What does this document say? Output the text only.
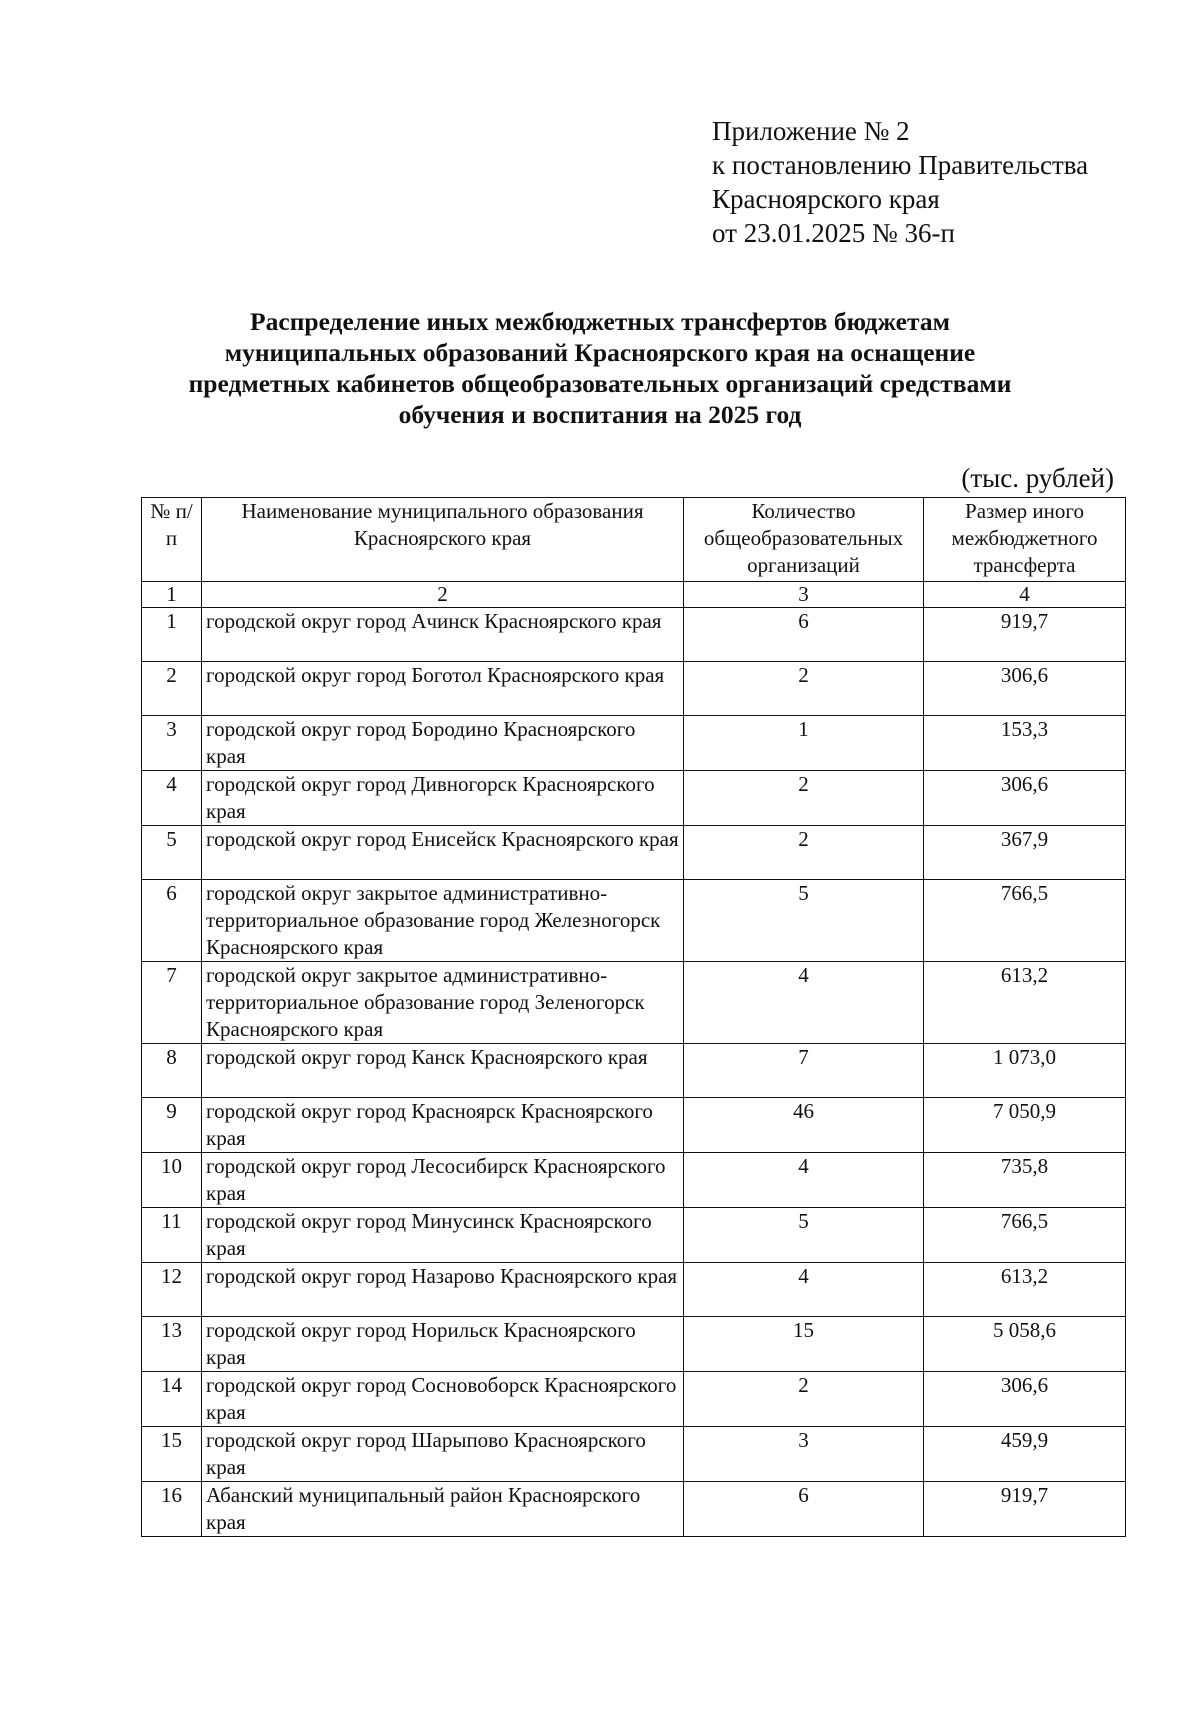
Приложение № 2
к постановлению Правительства
Красноярского края
от 23.01.2025 № 36-п
Распределение иных межбюджетных трансфертов бюджетам
муниципальных образований Красноярского края на оснащение
предметных кабинетов общеобразовательных организаций средствами
обучения и воспитания на 2025 год
(тыс. рублей)
№ п/п	Наименование муниципального образования Красноярского края	Количество общеобразовательных организаций	Размер иного межбюджетного трансферта
1	2	3	4
1	городской округ город Ачинск Красноярского края	6	919,7
2	городской округ город Боготол Красноярского края	2	306,6
3	городской округ город Бородино Красноярского края	1	153,3
4	городской округ город Дивногорск Красноярского края	2	306,6
5	городской округ город Енисейск Красноярского края	2	367,9
6	городской округ закрытое административно-территориальное образование город Железногорск Красноярского края	5	766,5
7	городской округ закрытое административно-территориальное образование город Зеленогорск Красноярского края	4	613,2
8	городской округ город Канск Красноярского края	7	1 073,0
9	городской округ город Красноярск Красноярского края	46	7 050,9
10	городской округ город Лесосибирск Красноярского края	4	735,8
11	городской округ город Минусинск Красноярского края	5	766,5
12	городской округ город Назарово Красноярского края	4	613,2
13	городской округ город Норильск Красноярского края	15	5 058,6
14	городской округ город Сосновоборск Красноярского края	2	306,6
15	городской округ город Шарыпово Красноярского края	3	459,9
16	Абанский муниципальный район Красноярского края	6	919,7
